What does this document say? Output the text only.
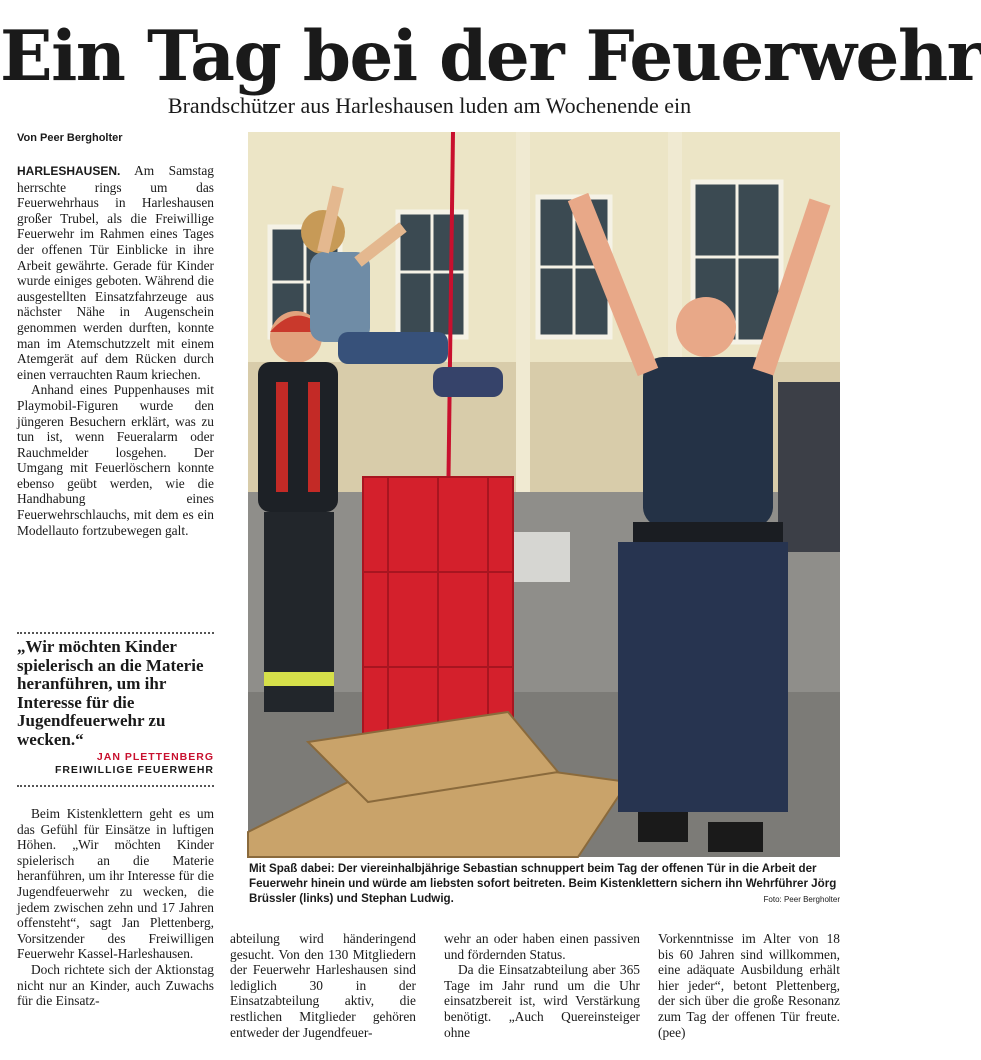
Ein Tag bei der Feuerwehr
Brandschützer aus Harleshausen luden am Wochenende ein
Von Peer Bergholter

HARLESHAUSEN. Am Samstag herrschte rings um das Feuerwehrhaus in Harleshausen großer Trubel, als die Freiwillige Feuerwehr im Rahmen eines Tages der offenen Tür Einblicke in ihre Arbeit gewährte. Gerade für Kinder wurde einiges geboten. Während die ausgestellten Einsatzfahrzeuge aus nächster Nähe in Augenschein genommen werden durften, konnte man im Atemschutzzelt mit einem Atemgerät auf dem Rücken durch einen verrauchten Raum kriechen.

Anhand eines Puppenhauses mit Playmobil-Figuren wurde den jüngeren Besuchern erklärt, was zu tun ist, wenn Feueralarm oder Rauchmelder losgehen. Der Umgang mit Feuerlöschern konnte ebenso geübt werden, wie die Handhabung eines Feuerwehrschlauchs, mit dem es ein Modellauto fortzubewegen galt.

„Wir möchten Kinder spielerisch an die Materie heranführen, um ihr Interesse für die Jugendfeuerwehr zu wecken.“
JAN PLETTENBERG
FREIWILLIGE FEUERWEHR

Beim Kistenklettern geht es um das Gefühl für Einsätze in luftigen Höhen. „Wir möchten Kinder spielerisch an die Materie heranführen, um ihr Interesse für die Jugendfeuerwehr zu wecken, die jedem zwischen zehn und 17 Jahren offensteht“, sagt Jan Plettenberg, Vorsitzender des Freiwilligen Feuerwehr Kassel-Harleshausen.

Doch richtete sich der Aktionstag nicht nur an Kinder, auch Zuwachs für die Einsatz-

Mit Spaß dabei: Der viereinhalbjährige Sebastian schnuppert beim Tag der offenen Tür in die Arbeit der Feuerwehr hinein und würde am liebsten sofort beitreten. Beim Kistenklettern sichern ihn Wehrführer Jörg Brüssler (links) und Stephan Ludwig.	Foto: Peer Bergholter

abteilung wird händeringend gesucht. Von den 130 Mitgliedern der Feuerwehr Harleshausen sind lediglich 30 in der Einsatzabteilung aktiv, die restlichen Mitglieder gehören entweder der Jugendfeuer-

wehr an oder haben einen passiven und fördernden Status.

Da die Einsatzabteilung aber 365 Tage im Jahr rund um die Uhr einsatzbereit ist, wird Verstärkung benötigt. „Auch Quereinsteiger ohne

Vorkenntnisse im Alter von 18 bis 60 Jahren sind willkommen, eine adäquate Ausbildung erhält hier jeder“, betont Plettenberg, der sich über die große Resonanz zum Tag der offenen Tür freute. (pee)
